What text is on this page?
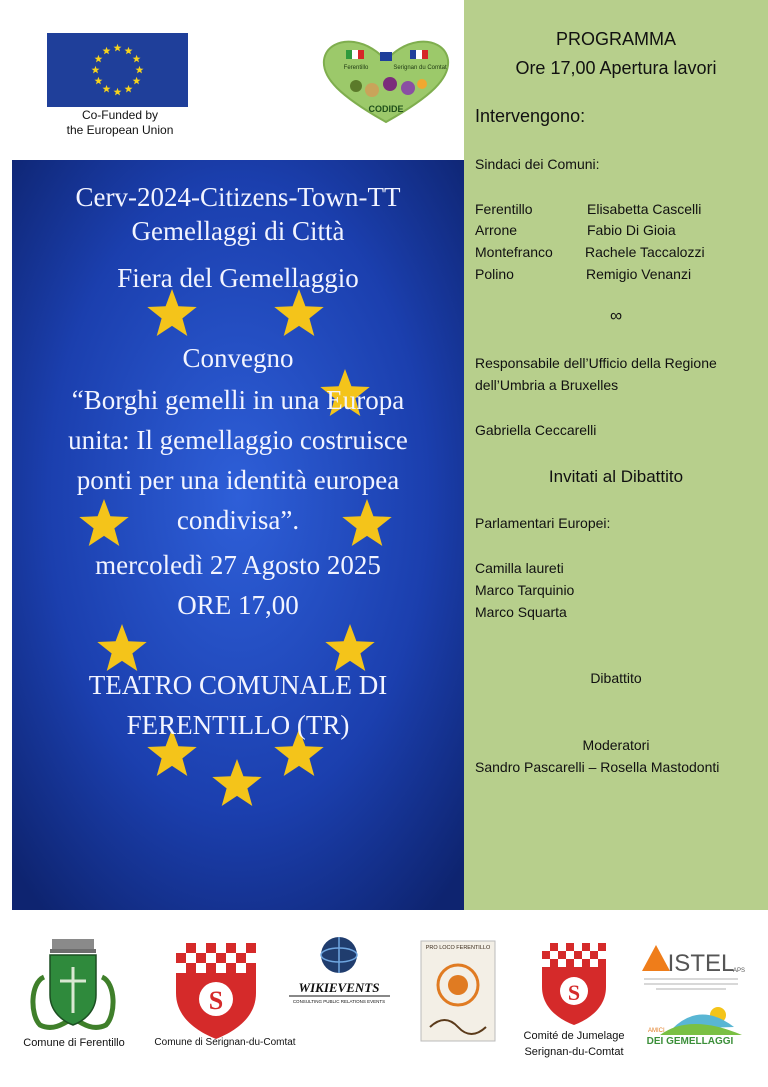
Co-Funded by
the European Union
Ferentillo	Serignan du Comtat
CODIDE

Cerv-2024-Citizens-Town-TT

Gemellaggi di Città

Fiera del Gemellaggio

Convegno

“Borghi gemelli in una Europa

unita: Il gemellaggio costruisce

ponti per una identità europea

condivisa”.

mercoledì 27 Agosto 2025

ORE 17,00

TEATRO COMUNALE DI

FERENTILLO (TR)

PROGRAMMA

Ore 17,00 Apertura lavori

Intervengono:

Sindaci dei Comuni:

Ferentillo	Elisabetta Cascelli

Arrone	Fabio Di Gioia

Montefranco Rachele Taccalozzi

Polino	Remigio Venanzi

∞

Responsabile dell’Ufficio della Regione

dell’Umbria a Bruxelles

Gabriella Ceccarelli

Invitati al Dibattito

Parlamentari Europei:

Camilla laureti

Marco Tarquinio

Marco Squarta

Dibattito

Moderatori

Sandro Pascarelli – Rosella Mastodonti

S	WIKIEVENTS
CONSULTING PUBLIC RELATIONS EVENTS
PRO LOCO FERENTILLO
S
ISTEL
APS
AMICI
DEI GEMELLAGGI
Comune di Ferentillo	Comune di Serignan-du-Comtat
Comité de Jumelage
Serignan-du-Comtat
